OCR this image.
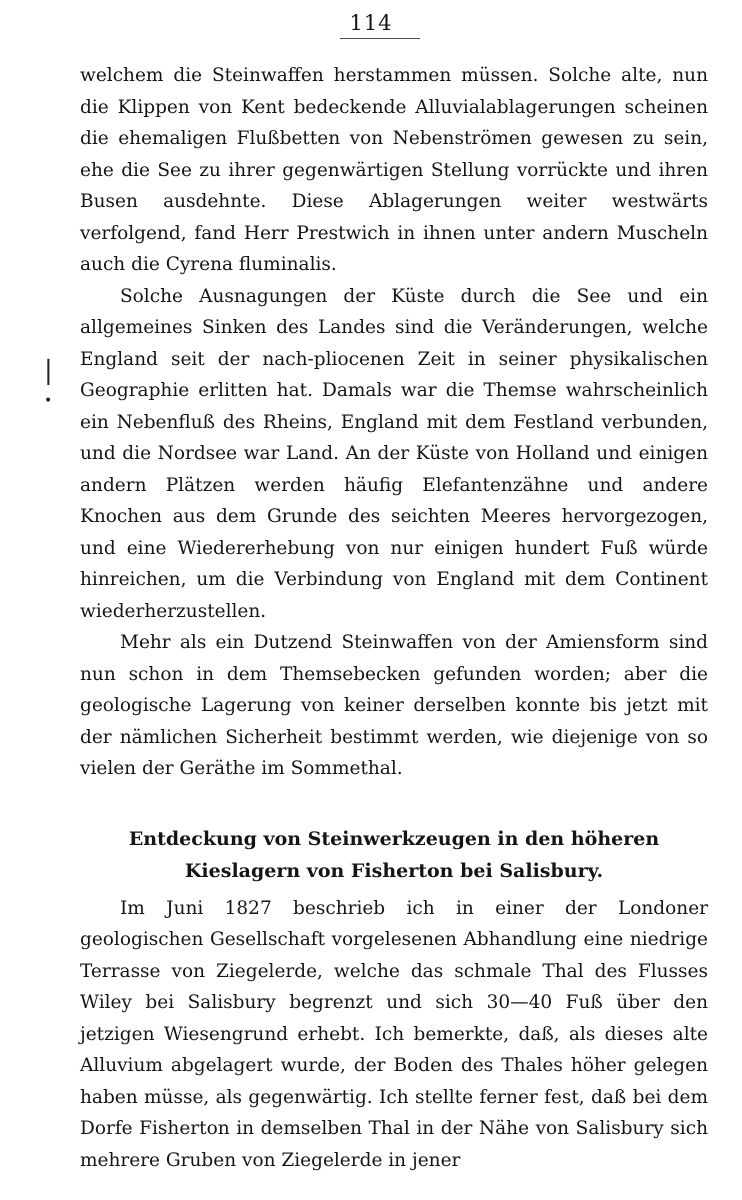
114
|
•

welchem die Steinwaffen herstammen müssen. Solche alte, nun die Klippen von Kent bedeckende Alluvialablagerungen scheinen die ehemaligen Flußbetten von Nebenströmen gewesen zu sein, ehe die See zu ihrer gegenwärtigen Stellung vorrückte und ihren Busen ausdehnte. Diese Ablagerungen weiter westwärts verfolgend, fand Herr Prestwich in ihnen unter andern Muscheln auch die Cyrena fluminalis.

Solche Ausnagungen der Küste durch die See und ein allgemeines Sinken des Landes sind die Veränderungen, welche England seit der nach-pliocenen Zeit in seiner physikalischen Geographie erlitten hat. Damals war die Themse wahrscheinlich ein Nebenfluß des Rheins, England mit dem Festland verbunden, und die Nordsee war Land. An der Küste von Holland und einigen andern Plätzen werden häufig Elefantenzähne und andere Knochen aus dem Grunde des seichten Meeres hervorgezogen, und eine Wiedererhebung von nur einigen hundert Fuß würde hinreichen, um die Verbindung von England mit dem Continent wiederherzustellen.

Mehr als ein Dutzend Steinwaffen von der Amiensform sind nun schon in dem Themsebecken gefunden worden; aber die geologische Lagerung von keiner derselben konnte bis jetzt mit der nämlichen Sicherheit bestimmt werden, wie diejenige von so vielen der Geräthe im Sommethal.

Entdeckung von Steinwerkzeugen in den höheren Kieslagern von Fisherton bei Salisbury.

Im Juni 1827 beschrieb ich in einer der Londoner geologischen Gesellschaft vorgelesenen Abhandlung eine niedrige Terrasse von Ziegelerde, welche das schmale Thal des Flusses Wiley bei Salisbury begrenzt und sich 30—40 Fuß über den jetzigen Wiesengrund erhebt. Ich bemerkte, daß, als dieses alte Alluvium abgelagert wurde, der Boden des Thales höher gelegen haben müsse, als gegenwärtig. Ich stellte ferner fest, daß bei dem Dorfe Fisherton in demselben Thal in der Nähe von Salisbury sich mehrere Gruben von Ziegelerde in jener
